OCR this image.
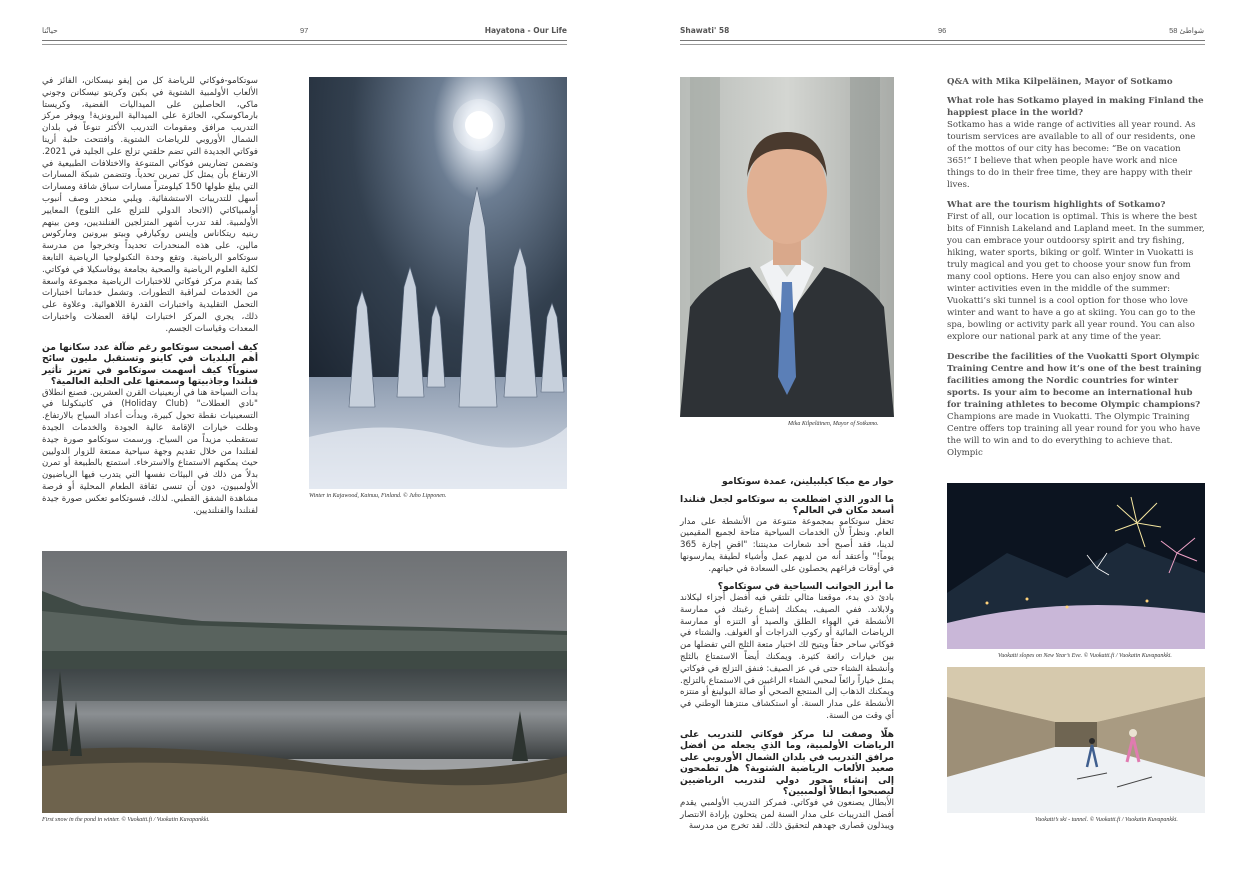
حياتُنا	97	Hayatona - Our Life	Shawati' 58	96	شواطئ 58

سوتكامو-فوكاتي للرياضة كل من إيفو نيسكانن، الفائز في الألعاب الأولمبية الشتوية في بكين وكريتو نيسكانن وجوني ماكي، الحاصلين على الميداليات الفضية، وكريستا بارماكوسكي، الحائزة على الميدالية البرونزية! ويوفر مركز التدريب مرافق ومقومات التدريب الأكثر تنوعاً في بلدان الشمال الأوروبي للرياضات الشتوية. وافتتحت حلبة أرينا فوكاتي الجديدة التي تضم حلقتي تزلج على الجليد في 2021. وتضمن تضاريس فوكاتي المتنوعة والاختلافات الطبيعية في الارتفاع بأن يمثل كل تمرين تحدياً. وتتضمن شبكة المسارات التي يبلغ طولها 150 كيلومتراً مسارات سباق شاقة ومسارات أسهل للتدريبات الاستشفائية. ويلبي منحدر وصف أنبوب أولمبياكاتي (الاتحاد الدولي للتزلج على الثلوج) المعايير الأولمبية. لقد تدرب أشهر المتزلجين الفنلنديين، ومن بينهم رينيه ريتكاناس وإينس روكيارفي وبيتو بيرونين وماركوس مالين، على هذه المنحدرات تحديداً وتخرجوا من مدرسة سوتكامو الرياضية. وتقع وحدة التكنولوجيا الرياضية التابعة لكلية العلوم الرياضية والصحية بجامعة يوفاسكيلا في فوكاتي. كما يقدم مركز فوكاتي للاختبارات الرياضية مجموعة واسعة من الخدمات لمراقبة التطورات. وتشمل خدماتنا اختبارات التحمل التقليدية واختبارات القدرة اللاهوائية. وعلاوة على ذلك، يجري المركز اختبارات لياقة العضلات واختبارات المعدات وقياسات الجسم.

كيف أصبحت سوتكامو رغم ضآلة عدد سكانها من أهم البلديات في كاينو وتستقبل مليون سائح سنوياً؟ كيف أسهمت سوتكامو في تعزيز تأثير فنلندا وجاذبيتها وسمعتها على الحلبة العالمية؟

بدأت السياحة هنا في أربعينيات القرن العشرين. فصنع انطلاق "نادي العطلات" (Holiday Club) في كاتينكولنا في التسعينيات نقطة تحول كبيرة، وبدأت أعداد السياح بالارتفاع. وظلت خيارات الإقامة عالية الجودة والخدمات الجيدة تستقطب مزيداً من السياح. ورسمت سوتكامو صورة جيدة لفنلندا من خلال تقديم وجهة سياحية ممتعة للزوار الدوليين حيث يمكنهم الاستمتاع والاسترخاء. استمتع بالطبيعة أو تمرن بدلاً من ذلك في البيئات نفسها التي يتدرب فيها الرياضيون الأولمبيون، دون أن تنسى ثقافة الطعام المحلية أو فرصة مشاهدة الشفق القطبي. لذلك، فسوتكامو تعكس صورة جيدة لفنلندا والفنلنديين.

Winter in Kajawood, Kainuu, Finland. © Juho Lipponen.
First snow in the pond in winter. © Vuokatti.fi / Vuokatin Kuvapankki.
Mika Kilpeläinen, Mayor of Sotkamo.

Q&A with Mika Kilpeläinen, Mayor of Sotkamo

What role has Sotkamo played in making Finland the happiest place in the world?

Sotkamo has a wide range of activities all year round. As tourism services are available to all of our residents, one of the mottos of our city has become: “Be on vacation 365!” I believe that when people have work and nice things to do in their free time, they are happy with their lives.

What are the tourism highlights of Sotkamo?

First of all, our location is optimal. This is where the best bits of Finnish Lakeland and Lapland meet. In the summer, you can embrace your outdoorsy spirit and try fishing, hiking, water sports, biking or golf. Winter in Vuokatti is truly magical and you get to choose your snow fun from many cool options. Here you can also enjoy snow and winter activities even in the middle of the summer: Vuokatti’s ski tunnel is a cool option for those who love winter and want to have a go at skiing. You can go to the spa, bowling or activity park all year round. You can also explore our national park at any time of the year.

Describe the facilities of the Vuokatti Sport Olympic Training Centre and how it’s one of the best training facilities among the Nordic countries for winter sports. Is your aim to become an international hub for training athletes to become Olympic champions?

Champions are made in Vuokatti. The Olympic Training Centre offers top training all year round for you who have the will to win and to do everything to achieve that. Olympic

حوار مع ميكا كيلبيلينن، عمدة سوتكامو

ما الدور الذي اضطلعت به سوتكامو لجعل فنلندا أسعد مكان في العالم؟

تحفل سوتكامو بمجموعة متنوعة من الأنشطة على مدار العام. ونظراً لأن الخدمات السياحية متاحة لجميع المقيمين لدينا، فقد أصبح أحد شعارات مدينتنا: "اقضِ إجازة 365 يوماً!" وأعتقد أنه من لديهم عمل وأشياء لطيفة يمارسونها في أوقات فراغهم يحصلون على السعادة في حياتهم.

ما أبرز الجوانب السياحية في سوتكامو؟

بادئ ذي بدء، موقعنا مثالي تلتقي فيه أفضل أجزاء ليكلاند ولابلاند. ففي الصيف، يمكنك إشباع رغبتك في ممارسة الأنشطة في الهواء الطلق والصيد أو التنزه أو ممارسة الرياضات المائية أو ركوب الدراجات أو الغولف. والشتاء في فوكاتي ساحر حقاً ويتيح لك اختيار متعة الثلج التي تفضلها من بين خيارات رائعة كثيرة. ويمكنك أيضاً الاستمتاع بالثلج وأنشطة الشتاء حتى في عز الصيف: فنفق التزلج في فوكاتي يمثل خياراً رائعاً لمحبي الشتاء الراغبين في الاستمتاع بالتزلج. ويمكنك الذهاب إلى المنتجع الصحي أو صالة البولينغ أو منتزه الأنشطة على مدار السنة. أو استكشاف منتزهنا الوطني في أي وقت من السنة.

هلّا وصفت لنا مركز فوكاتي للتدريب على الرياضات الأولمبية، وما الذي يجعله من أفضل مرافق التدريب في بلدان الشمال الأوروبي على صعيد الألعاب الرياضية الشتوية؟ هل تطمحون إلى إنشاء محور دولي لتدريب الرياضيين ليصبحوا أبطالاً أولمبيين؟

الأبطال يصنعون في فوكاتي. فمركز التدريب الأولمبي يقدم أفضل التدريبات على مدار السنة لمن يتحلون بإرادة الانتصار ويبذلون قصارى جهدهم لتحقيق ذلك. لقد تخرج من مدرسة

Vuokatti slopes on New Year’s Eve. © Vuokatti.fi / Vuokatin Kuvapankki.
Vuokatti’s ski - tunnel. © Vuokatti.fi / Vuokatin Kuvapankki.
